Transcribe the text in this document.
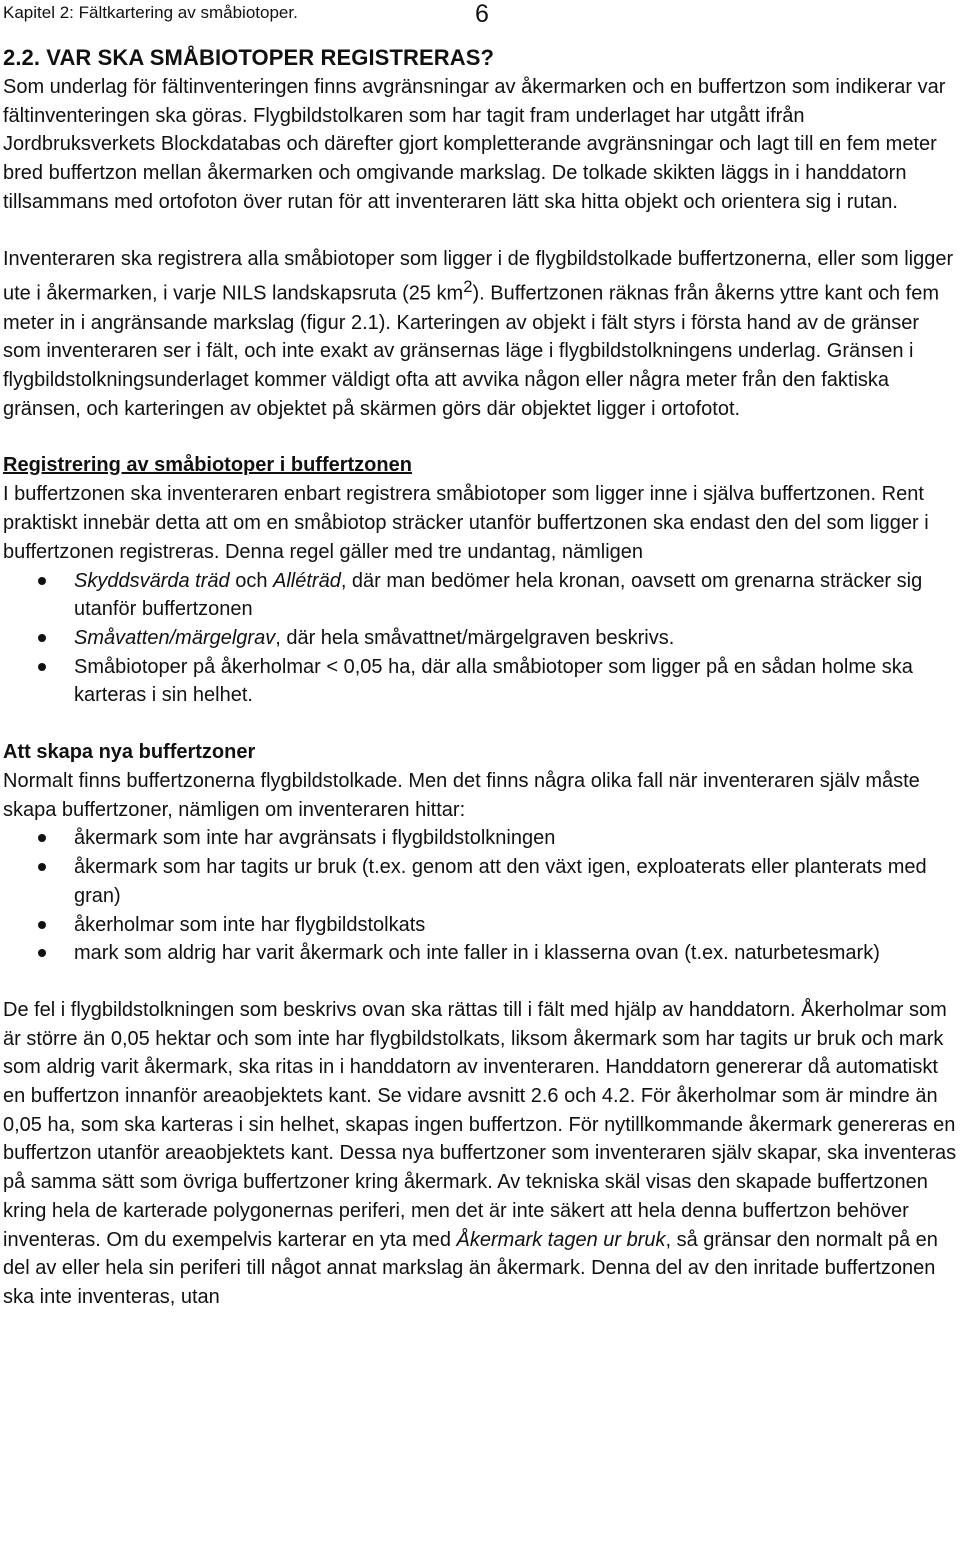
Kapitel 2: Fältkartering av småbiotoper.	6
2.2. VAR SKA SMÅBIOTOPER REGISTRERAS?

Som underlag för fältinventeringen finns avgränsningar av åkermarken och en buffertzon som indikerar var fältinventeringen ska göras. Flygbildstolkaren som har tagit fram underlaget har utgått ifrån Jordbruksverkets Blockdatabas och därefter gjort kompletterande avgränsningar och lagt till en fem meter bred buffertzon mellan åkermarken och omgivande markslag. De tolkade skikten läggs in i handdatorn tillsammans med ortofoton över rutan för att inventeraren lätt ska hitta objekt och orientera sig i rutan.

Inventeraren ska registrera alla småbiotoper som ligger i de flygbildstolkade buffertzonerna, eller som ligger ute i åkermarken, i varje NILS landskapsruta (25 $km^2$). Buffertzonen räknas från åkerns yttre kant och fem meter in i angränsande markslag (figur 2.1). Karteringen av objekt i fält styrs i första hand av de gränser som inventeraren ser i fält, och inte exakt av gränsernas läge i flygbildstolkningens underlag. Gränsen i flygbildstolkningsunderlaget kommer väldigt ofta att avvika någon eller några meter från den faktiska gränsen, och karteringen av objektet på skärmen görs där objektet ligger i ortofotot.

Registrering av småbiotoper i buffertzonen

I buffertzonen ska inventeraren enbart registrera småbiotoper som ligger inne i själva buffertzonen. Rent praktiskt innebär detta att om en småbiotop sträcker utanför buffertzonen ska endast den del som ligger i buffertzonen registreras. Denna regel gäller med tre undantag, nämligen

Skyddsvärda träd och Alléträd, där man bedömer hela kronan, oavsett om grenarna sträcker sig utanför buffertzonen
Småvatten/märgelgrav, där hela småvattnet/märgelgraven beskrivs.
Småbiotoper på åkerholmar < 0,05 ha, där alla småbiotoper som ligger på en sådan holme ska karteras i sin helhet.
Att skapa nya buffertzoner

Normalt finns buffertzonerna flygbildstolkade. Men det finns några olika fall när inventeraren själv måste skapa buffertzoner, nämligen om inventeraren hittar:

åkermark som inte har avgränsats i flygbildstolkningen
åkermark som har tagits ur bruk (t.ex. genom att den växt igen, exploaterats eller planterats med gran)
åkerholmar som inte har flygbildstolkats
mark som aldrig har varit åkermark och inte faller in i klasserna ovan (t.ex. naturbetesmark)

De fel i flygbildstolkningen som beskrivs ovan ska rättas till i fält med hjälp av handdatorn. Åkerholmar som är större än 0,05 hektar och som inte har flygbildstolkats, liksom åkermark som har tagits ur bruk och mark som aldrig varit åkermark, ska ritas in i handdatorn av inventeraren. Handdatorn genererar då automatiskt en buffertzon innanför areaobjektets kant. Se vidare avsnitt 2.6 och 4.2. För åkerholmar som är mindre än 0,05 ha, som ska karteras i sin helhet, skapas ingen buffertzon. För nytillkommande åkermark genereras en buffertzon utanför areaobjektets kant. Dessa nya buffertzoner som inventeraren själv skapar, ska inventeras på samma sätt som övriga buffertzoner kring åkermark. Av tekniska skäl visas den skapade buffertzonen kring hela de karterade polygonernas periferi, men det är inte säkert att hela denna buffertzon behöver inventeras. Om du exempelvis karterar en yta med Åkermark tagen ur bruk, så gränsar den normalt på en del av eller hela sin periferi till något annat markslag än åkermark. Denna del av den inritade buffertzonen ska inte inventeras, utan
